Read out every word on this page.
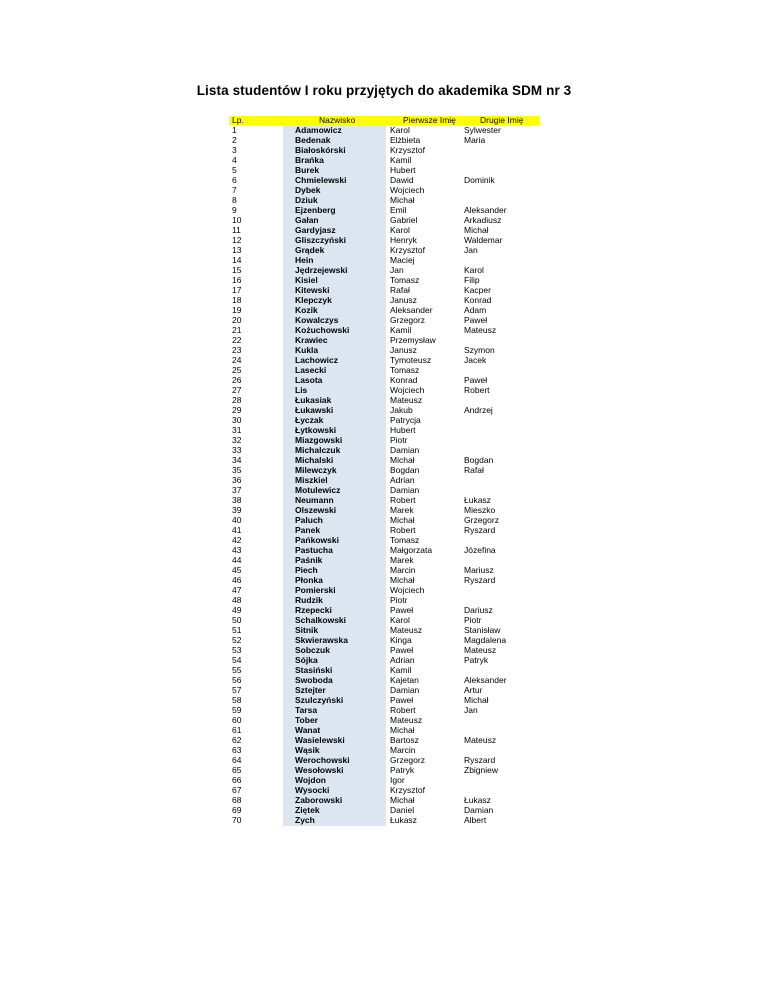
Lista studentów I roku przyjętych do akademika SDM nr 3
Lp.	Nazwisko	Pierwsze Imię	Drugie Imię
1	Adamowicz	Karol	Sylwester
2	Bedenak	Elżbieta	Maria
3	Białoskórski	Krzysztof
4	Brańka	Kamil
5	Burek	Hubert
6	Chmielewski	Dawid	Dominik
7	Dybek	Wojciech
8	Dziuk	Michał
9	Ejzenberg	Emil	Aleksander
10	Gałan	Gabriel	Arkadiusz
11	Gardyjasz	Karol	Michał
12	Gliszczyński	Henryk	Waldemar
13	Grądek	Krzysztof	Jan
14	Hein	Maciej
15	Jędrzejewski	Jan	Karol
16	Kisiel	Tomasz	Filip
17	Kitewski	Rafał	Kacper
18	Klepczyk	Janusz	Konrad
19	Kozik	Aleksander	Adam
20	Kowalczys	Grzegorz	Paweł
21	Kożuchowski	Kamil	Mateusz
22	Krawiec	Przemysław
23	Kukla	Janusz	Szymon
24	Lachowicz	Tymoteusz	Jacek
25	Lasecki	Tomasz
26	Lasota	Konrad	Paweł
27	Lis	Wojciech	Robert
28	Łukasiak	Mateusz
29	Łukawski	Jakub	Andrzej
30	Łyczak	Patrycja
31	Łytkowski	Hubert
32	Miazgowski	Piotr
33	Michalczuk	Damian
34	Michalski	Michał	Bogdan
35	Milewczyk	Bogdan	Rafał
36	Miszkiel	Adrian
37	Motulewicz	Damian
38	Neumann	Robert	Łukasz
39	Olszewski	Marek	Mieszko
40	Paluch	Michał	Grzegorz
41	Panek	Robert	Ryszard
42	Pańkowski	Tomasz
43	Pastucha	Małgorzata	Józefina
44	Paśnik	Marek
45	Piech	Marcin	Mariusz
46	Płonka	Michał	Ryszard
47	Pomierski	Wojciech
48	Rudzik	Piotr
49	Rzepecki	Paweł	Dariusz
50	Schalkowski	Karol	Piotr
51	Sitnik	Mateusz	Stanisław
52	Skwierawska	Kinga	Magdalena
53	Sobczuk	Paweł	Mateusz
54	Sójka	Adrian	Patryk
55	Stasiński	Kamil
56	Swoboda	Kajetan	Aleksander
57	Sztejter	Damian	Artur
58	Szulczyński	Paweł	Michał
59	Tarsa	Robert	Jan
60	Tober	Mateusz
61	Wanat	Michał
62	Wasielewski	Bartosz	Mateusz
63	Wąsik	Marcin
64	Werochowski	Grzegorz	Ryszard
65	Wesołowski	Patryk	Zbigniew
66	Wojdon	Igor
67	Wysocki	Krzysztof
68	Zaborowski	Michał	Łukasz
69	Ziętek	Daniel	Damian
70	Zych	Łukasz	Albert
